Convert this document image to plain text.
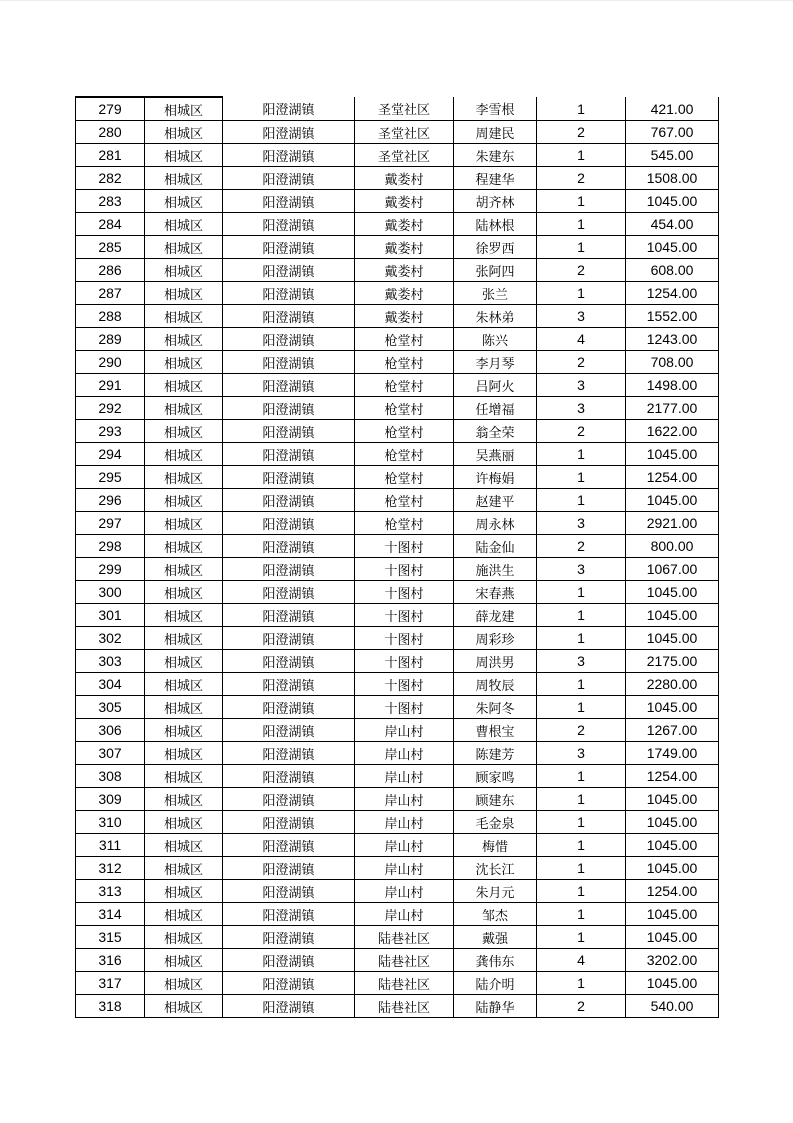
279	相城区	阳澄湖镇	圣堂社区	李雪根	1	421.00
280	相城区	阳澄湖镇	圣堂社区	周建民	2	767.00
281	相城区	阳澄湖镇	圣堂社区	朱建东	1	545.00
282	相城区	阳澄湖镇	戴娄村	程建华	2	1508.00
283	相城区	阳澄湖镇	戴娄村	胡齐林	1	1045.00
284	相城区	阳澄湖镇	戴娄村	陆林根	1	454.00
285	相城区	阳澄湖镇	戴娄村	徐罗西	1	1045.00
286	相城区	阳澄湖镇	戴娄村	张阿四	2	608.00
287	相城区	阳澄湖镇	戴娄村	张兰	1	1254.00
288	相城区	阳澄湖镇	戴娄村	朱林弟	3	1552.00
289	相城区	阳澄湖镇	枪堂村	陈兴	4	1243.00
290	相城区	阳澄湖镇	枪堂村	李月琴	2	708.00
291	相城区	阳澄湖镇	枪堂村	吕阿火	3	1498.00
292	相城区	阳澄湖镇	枪堂村	任增福	3	2177.00
293	相城区	阳澄湖镇	枪堂村	翁全荣	2	1622.00
294	相城区	阳澄湖镇	枪堂村	吴燕丽	1	1045.00
295	相城区	阳澄湖镇	枪堂村	许梅娟	1	1254.00
296	相城区	阳澄湖镇	枪堂村	赵建平	1	1045.00
297	相城区	阳澄湖镇	枪堂村	周永林	3	2921.00
298	相城区	阳澄湖镇	十图村	陆金仙	2	800.00
299	相城区	阳澄湖镇	十图村	施洪生	3	1067.00
300	相城区	阳澄湖镇	十图村	宋春燕	1	1045.00
301	相城区	阳澄湖镇	十图村	薛龙建	1	1045.00
302	相城区	阳澄湖镇	十图村	周彩珍	1	1045.00
303	相城区	阳澄湖镇	十图村	周洪男	3	2175.00
304	相城区	阳澄湖镇	十图村	周牧辰	1	2280.00
305	相城区	阳澄湖镇	十图村	朱阿冬	1	1045.00
306	相城区	阳澄湖镇	岸山村	曹根宝	2	1267.00
307	相城区	阳澄湖镇	岸山村	陈建芳	3	1749.00
308	相城区	阳澄湖镇	岸山村	顾家鸣	1	1254.00
309	相城区	阳澄湖镇	岸山村	顾建东	1	1045.00
310	相城区	阳澄湖镇	岸山村	毛金泉	1	1045.00
311	相城区	阳澄湖镇	岸山村	梅惜	1	1045.00
312	相城区	阳澄湖镇	岸山村	沈长江	1	1045.00
313	相城区	阳澄湖镇	岸山村	朱月元	1	1254.00
314	相城区	阳澄湖镇	岸山村	邹杰	1	1045.00
315	相城区	阳澄湖镇	陆巷社区	戴强	1	1045.00
316	相城区	阳澄湖镇	陆巷社区	龚伟东	4	3202.00
317	相城区	阳澄湖镇	陆巷社区	陆介明	1	1045.00
318	相城区	阳澄湖镇	陆巷社区	陆静华	2	540.00
